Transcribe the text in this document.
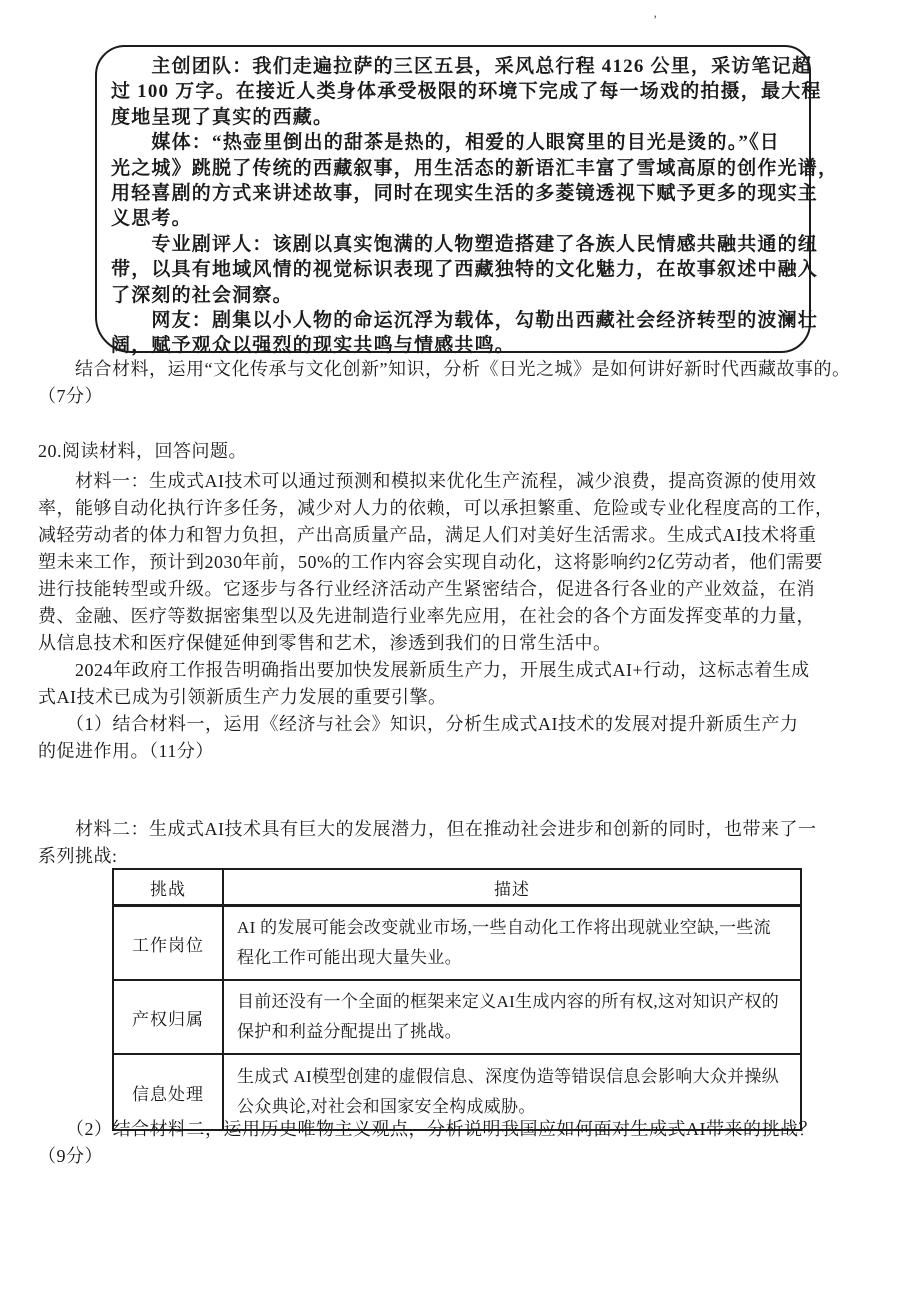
’
　　主创团队：我们走遍拉萨的三区五县，采风总行程 4126 公里，采访笔记超
过 100 万字。在接近人类身体承受极限的环境下完成了每一场戏的拍摄，最大程
度地呈现了真实的西藏。
　　媒体：“热壶里倒出的甜茶是热的，相爱的人眼窝里的目光是烫的。”《日
光之城》跳脱了传统的西藏叙事，用生活态的新语汇丰富了雪域高原的创作光谱，
用轻喜剧的方式来讲述故事，同时在现实生活的多菱镜透视下赋予更多的现实主
义思考。
　　专业剧评人：该剧以真实饱满的人物塑造搭建了各族人民情感共融共通的纽
带，以具有地域风情的视觉标识表现了西藏独特的文化魅力，在故事叙述中融入
了深刻的社会洞察。
　　网友：剧集以小人物的命运沉浮为载体，勾勒出西藏社会经济转型的波澜壮
阔，赋予观众以强烈的现实共鸣与情感共鸣。
　　结合材料，运用“文化传承与文化创新”知识，分析《日光之城》是如何讲好新时代西藏故事的。
（7分）
20.阅读材料，回答问题。
　　材料一：生成式AI技术可以通过预测和模拟来优化生产流程，减少浪费，提高资源的使用效
率，能够自动化执行许多任务，减少对人力的依赖，可以承担繁重、危险或专业化程度高的工作，
减轻劳动者的体力和智力负担，产出高质量产品，满足人们对美好生活需求。生成式AI技术将重
塑未来工作，预计到2030年前，50%的工作内容会实现自动化，这将影响约2亿劳动者，他们需要
进行技能转型或升级。它逐步与各行业经济活动产生紧密结合，促进各行各业的产业效益，在消
费、金融、医疗等数据密集型以及先进制造行业率先应用，在社会的各个方面发挥变革的力量，
从信息技术和医疗保健延伸到零售和艺术，渗透到我们的日常生活中。
　　2024年政府工作报告明确指出要加快发展新质生产力，开展生成式AI+行动，这标志着生成
式AI技术已成为引领新质生产力发展的重要引擎。
　　（1）结合材料一，运用《经济与社会》知识，分析生成式AI技术的发展对提升新质生产力
的促进作用。（11分）
　　材料二：生成式AI技术具有巨大的发展潜力，但在推动社会进步和创新的同时，也带来了一
系列挑战:
挑战	描述
工作岗位	AI 的发展可能会改变就业市场,一些自动化工作将出现就业空缺,一些流程化工作可能出现大量失业。
产权归属	目前还没有一个全面的框架来定义AI生成内容的所有权,这对知识产权的保护和利益分配提出了挑战。
信息处理	生成式 AI模型创建的虚假信息、深度伪造等错误信息会影响大众并操纵公众典论,对社会和国家安全构成威胁。
　　（2）结合材料二，运用历史唯物主义观点，分析说明我国应如何面对生成式AI带来的挑战？
（9分）
